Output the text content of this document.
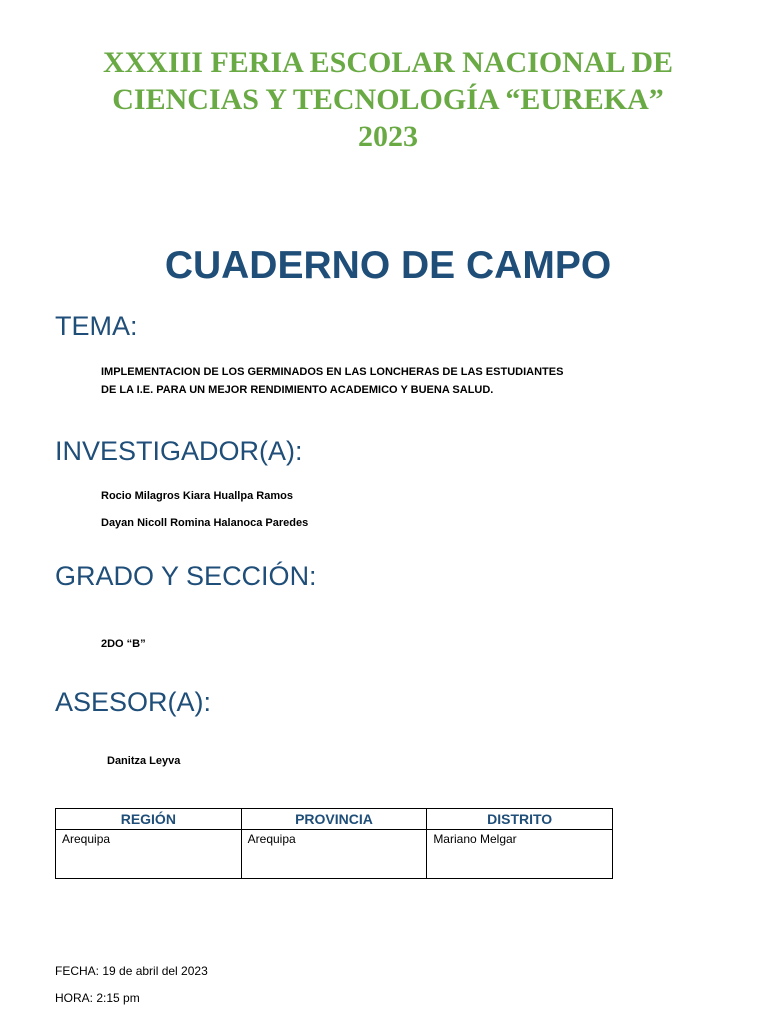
XXXIII FERIA ESCOLAR NACIONAL DE
CIENCIAS Y TECNOLOGÍA “EUREKA”
2023
CUADERNO DE CAMPO
TEMA:
IMPLEMENTACION DE LOS GERMINADOS EN LAS LONCHERAS DE LAS ESTUDIANTES
DE LA I.E. PARA UN MEJOR RENDIMIENTO ACADEMICO Y BUENA SALUD.
INVESTIGADOR(A):
Rocio Milagros Kiara Huallpa Ramos
Dayan Nicoll Romina Halanoca Paredes
GRADO Y SECCIÓN:
2DO “B”
ASESOR(A):
Danitza Leyva
REGIÓN	PROVINCIA	DISTRITO
Arequipa	Arequipa	Mariano Melgar
FECHA: 19 de abril del 2023
HORA: 2:15 pm
